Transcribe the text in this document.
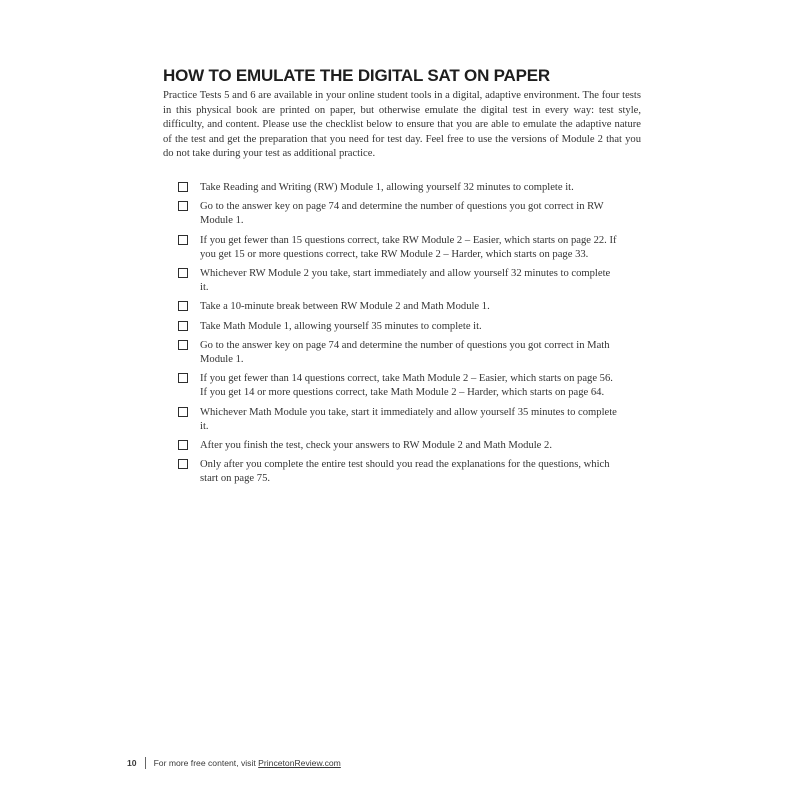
HOW TO EMULATE THE DIGITAL SAT ON PAPER

Practice Tests 5 and 6 are available in your online student tools in a digital, adaptive environment. The four tests in this physical book are printed on paper, but otherwise emulate the digital test in every way: test style, difficulty, and content. Please use the checklist below to ensure that you are able to emulate the adaptive nature of the test and get the preparation that you need for test day. Feel free to use the versions of Module 2 that you do not take during your test as additional practice.

Take Reading and Writing (RW) Module 1, allowing yourself 32 minutes to complete it.
Go to the answer key on page 74 and determine the number of questions you got correct in RW Module 1.
If you get fewer than 15 questions correct, take RW Module 2 – Easier, which starts on page 22. If you get 15 or more questions correct, take RW Module 2 – Harder, which starts on page 33.
Whichever RW Module 2 you take, start immediately and allow yourself 32 minutes to complete it.
Take a 10-minute break between RW Module 2 and Math Module 1.
Take Math Module 1, allowing yourself 35 minutes to complete it.
Go to the answer key on page 74 and determine the number of questions you got correct in Math Module 1.
If you get fewer than 14 questions correct, take Math Module 2 – Easier, which starts on page 56. If you get 14 or more questions correct, take Math Module 2 – Harder, which starts on page 64.
Whichever Math Module you take, start it immediately and allow yourself 35 minutes to complete it.
After you finish the test, check your answers to RW Module 2 and Math Module 2.
Only after you complete the entire test should you read the explanations for the questions, which start on page 75.
10 For more free content, visit
PrincetonReview.com
